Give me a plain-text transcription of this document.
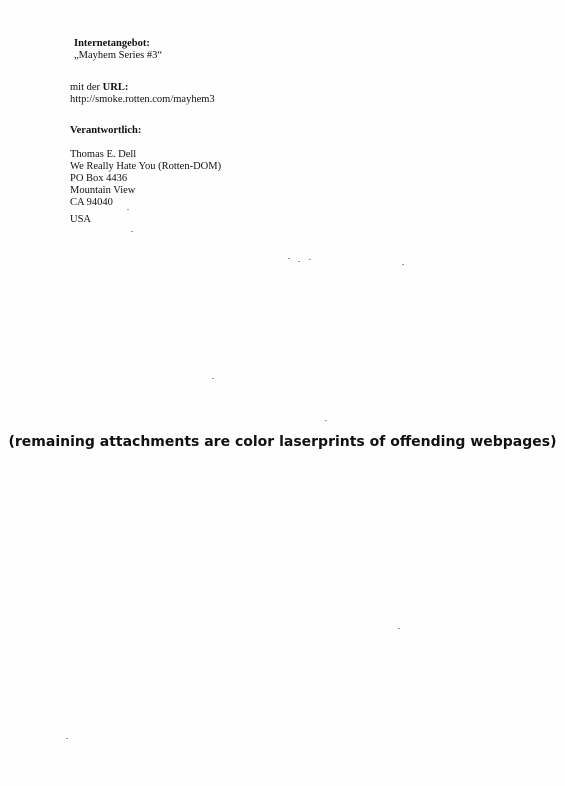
Internetangebot:
„Mayhem Series #3“
mit der URL:
http://smoke.rotten.com/mayhem3
Verantwortlich:
Thomas E. Dell
We Really Hate You (Rotten-DOM)
PO Box 4436
Mountain View
CA 94040
USA
(remaining attachments are color laserprints of offending webpages)
